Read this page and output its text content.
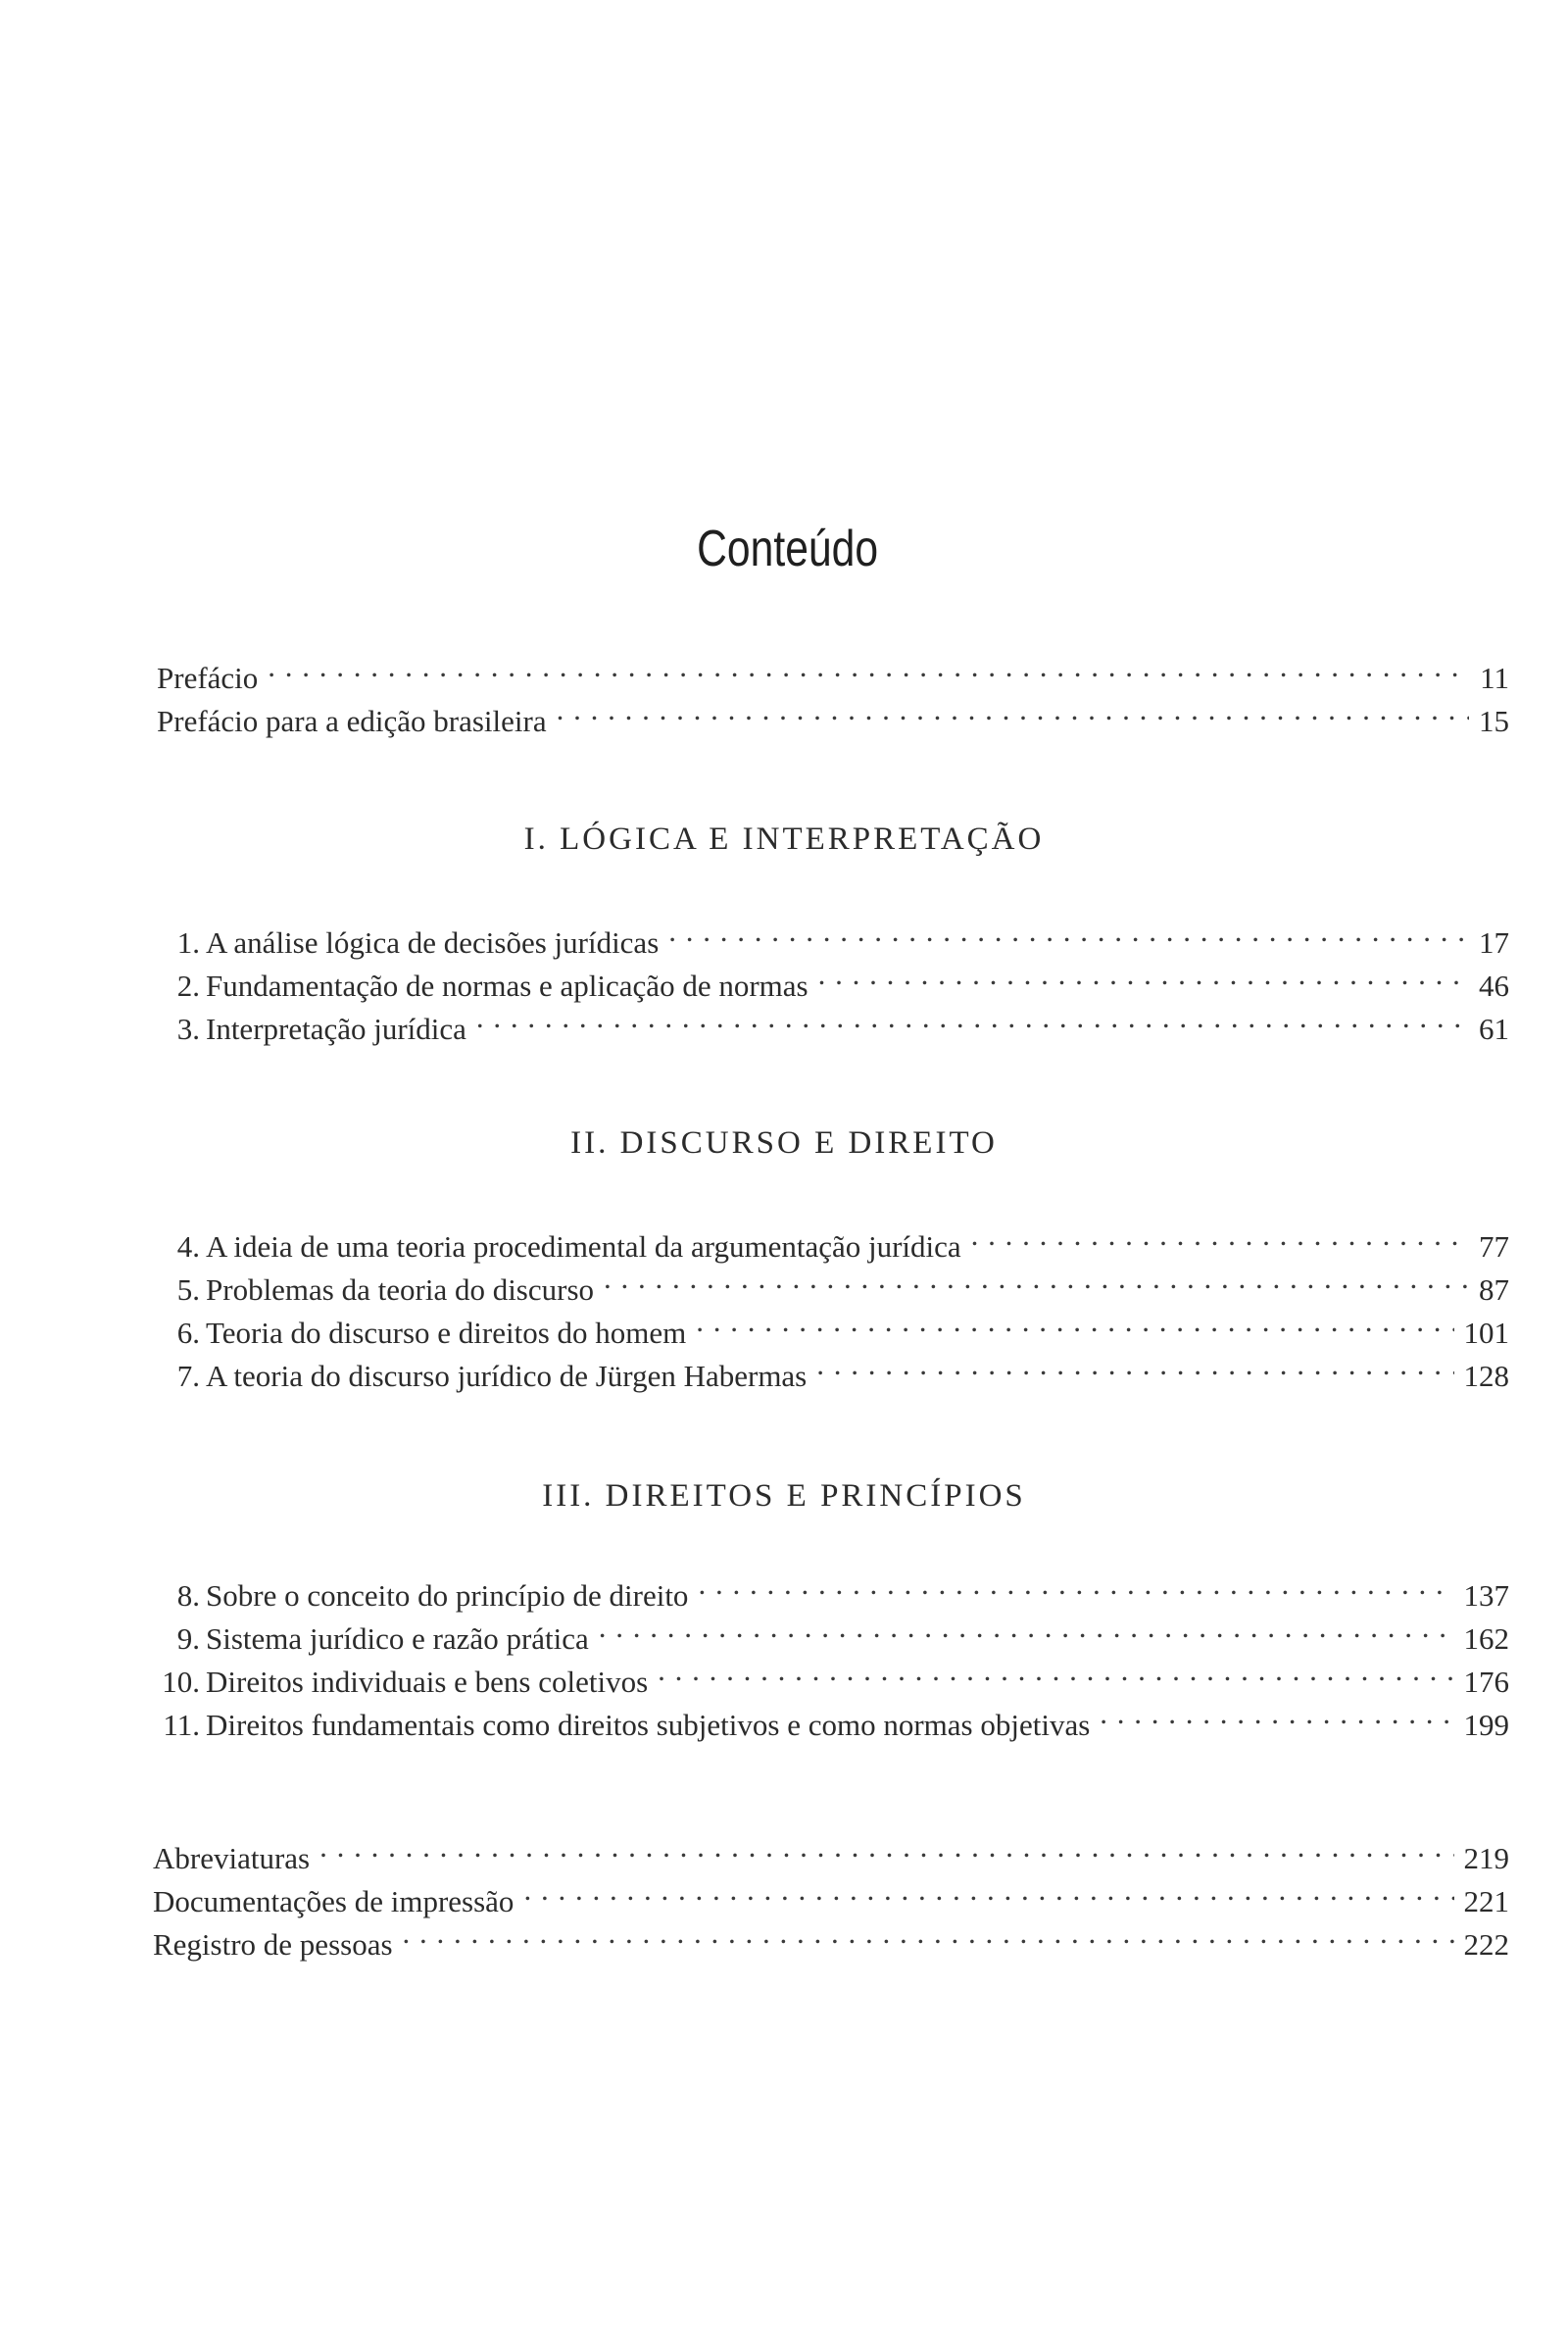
Conteúdo
Prefácio . . .	11
Prefácio para a edição brasileira . . .	15
I. LÓGICA E INTERPRETAÇÃO
1. A análise lógica de decisões jurídicas . . .	17
2. Fundamentação de normas e aplicação de normas . . .	46
3. Interpretação jurídica . . .	61
II. DISCURSO E DIREITO
4. A ideia de uma teoria procedimental da argumentação jurídica . . .	77
5. Problemas da teoria do discurso . . .	87
6. Teoria do discurso e direitos do homem . . .	101
7. A teoria do discurso jurídico de Jürgen Habermas . . .	128
III. DIREITOS E PRINCÍPIOS
8. Sobre o conceito do princípio de direito . . .	137
9. Sistema jurídico e razão prática . . .	162
10. Direitos individuais e bens coletivos . . .	176
11. Direitos fundamentais como direitos subjetivos e como normas objetivas . . .	199
Abreviaturas . . .	219
Documentações de impressão . . .	221
Registro de pessoas . . .	222
